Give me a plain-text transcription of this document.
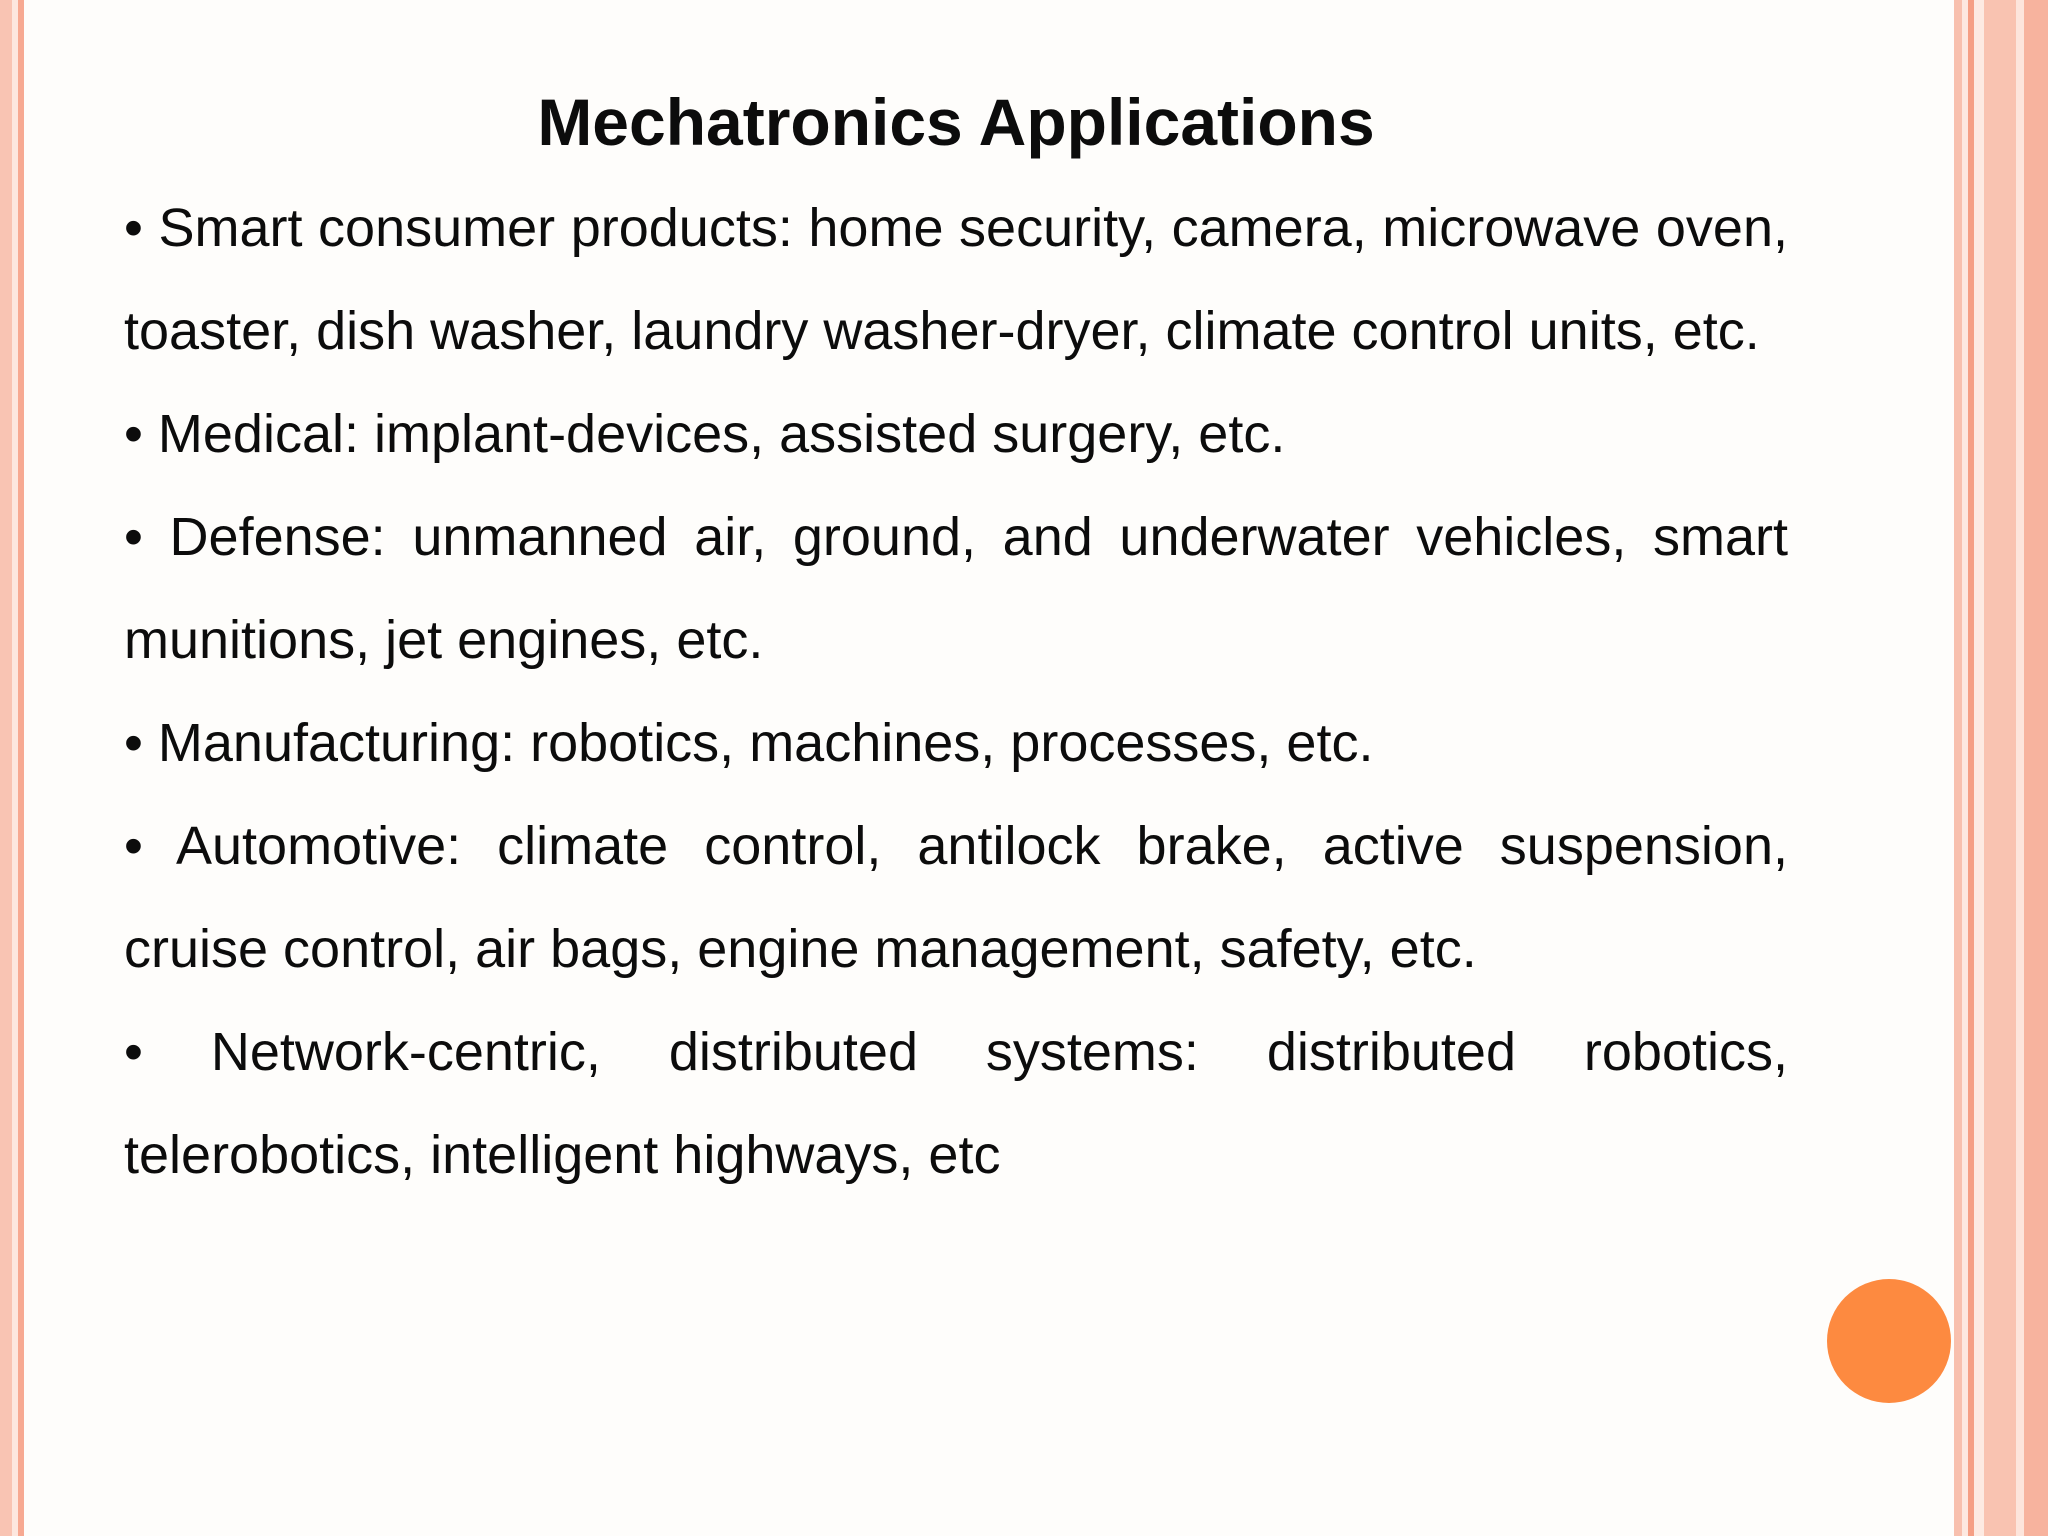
Mechatronics Applications
• Smart consumer products: home security, camera, microwave oven, toaster, dish washer, laundry washer-dryer, climate control units, etc.
• Medical: implant-devices, assisted surgery, etc.
• Defense: unmanned air, ground, and underwater vehicles, smart munitions, jet engines, etc.
• Manufacturing: robotics, machines, processes, etc.
• Automotive: climate control, antilock brake, active suspension, cruise control, air bags, engine management, safety, etc.
• Network-centric, distributed systems: distributed robotics, telerobotics, intelligent highways, etc
